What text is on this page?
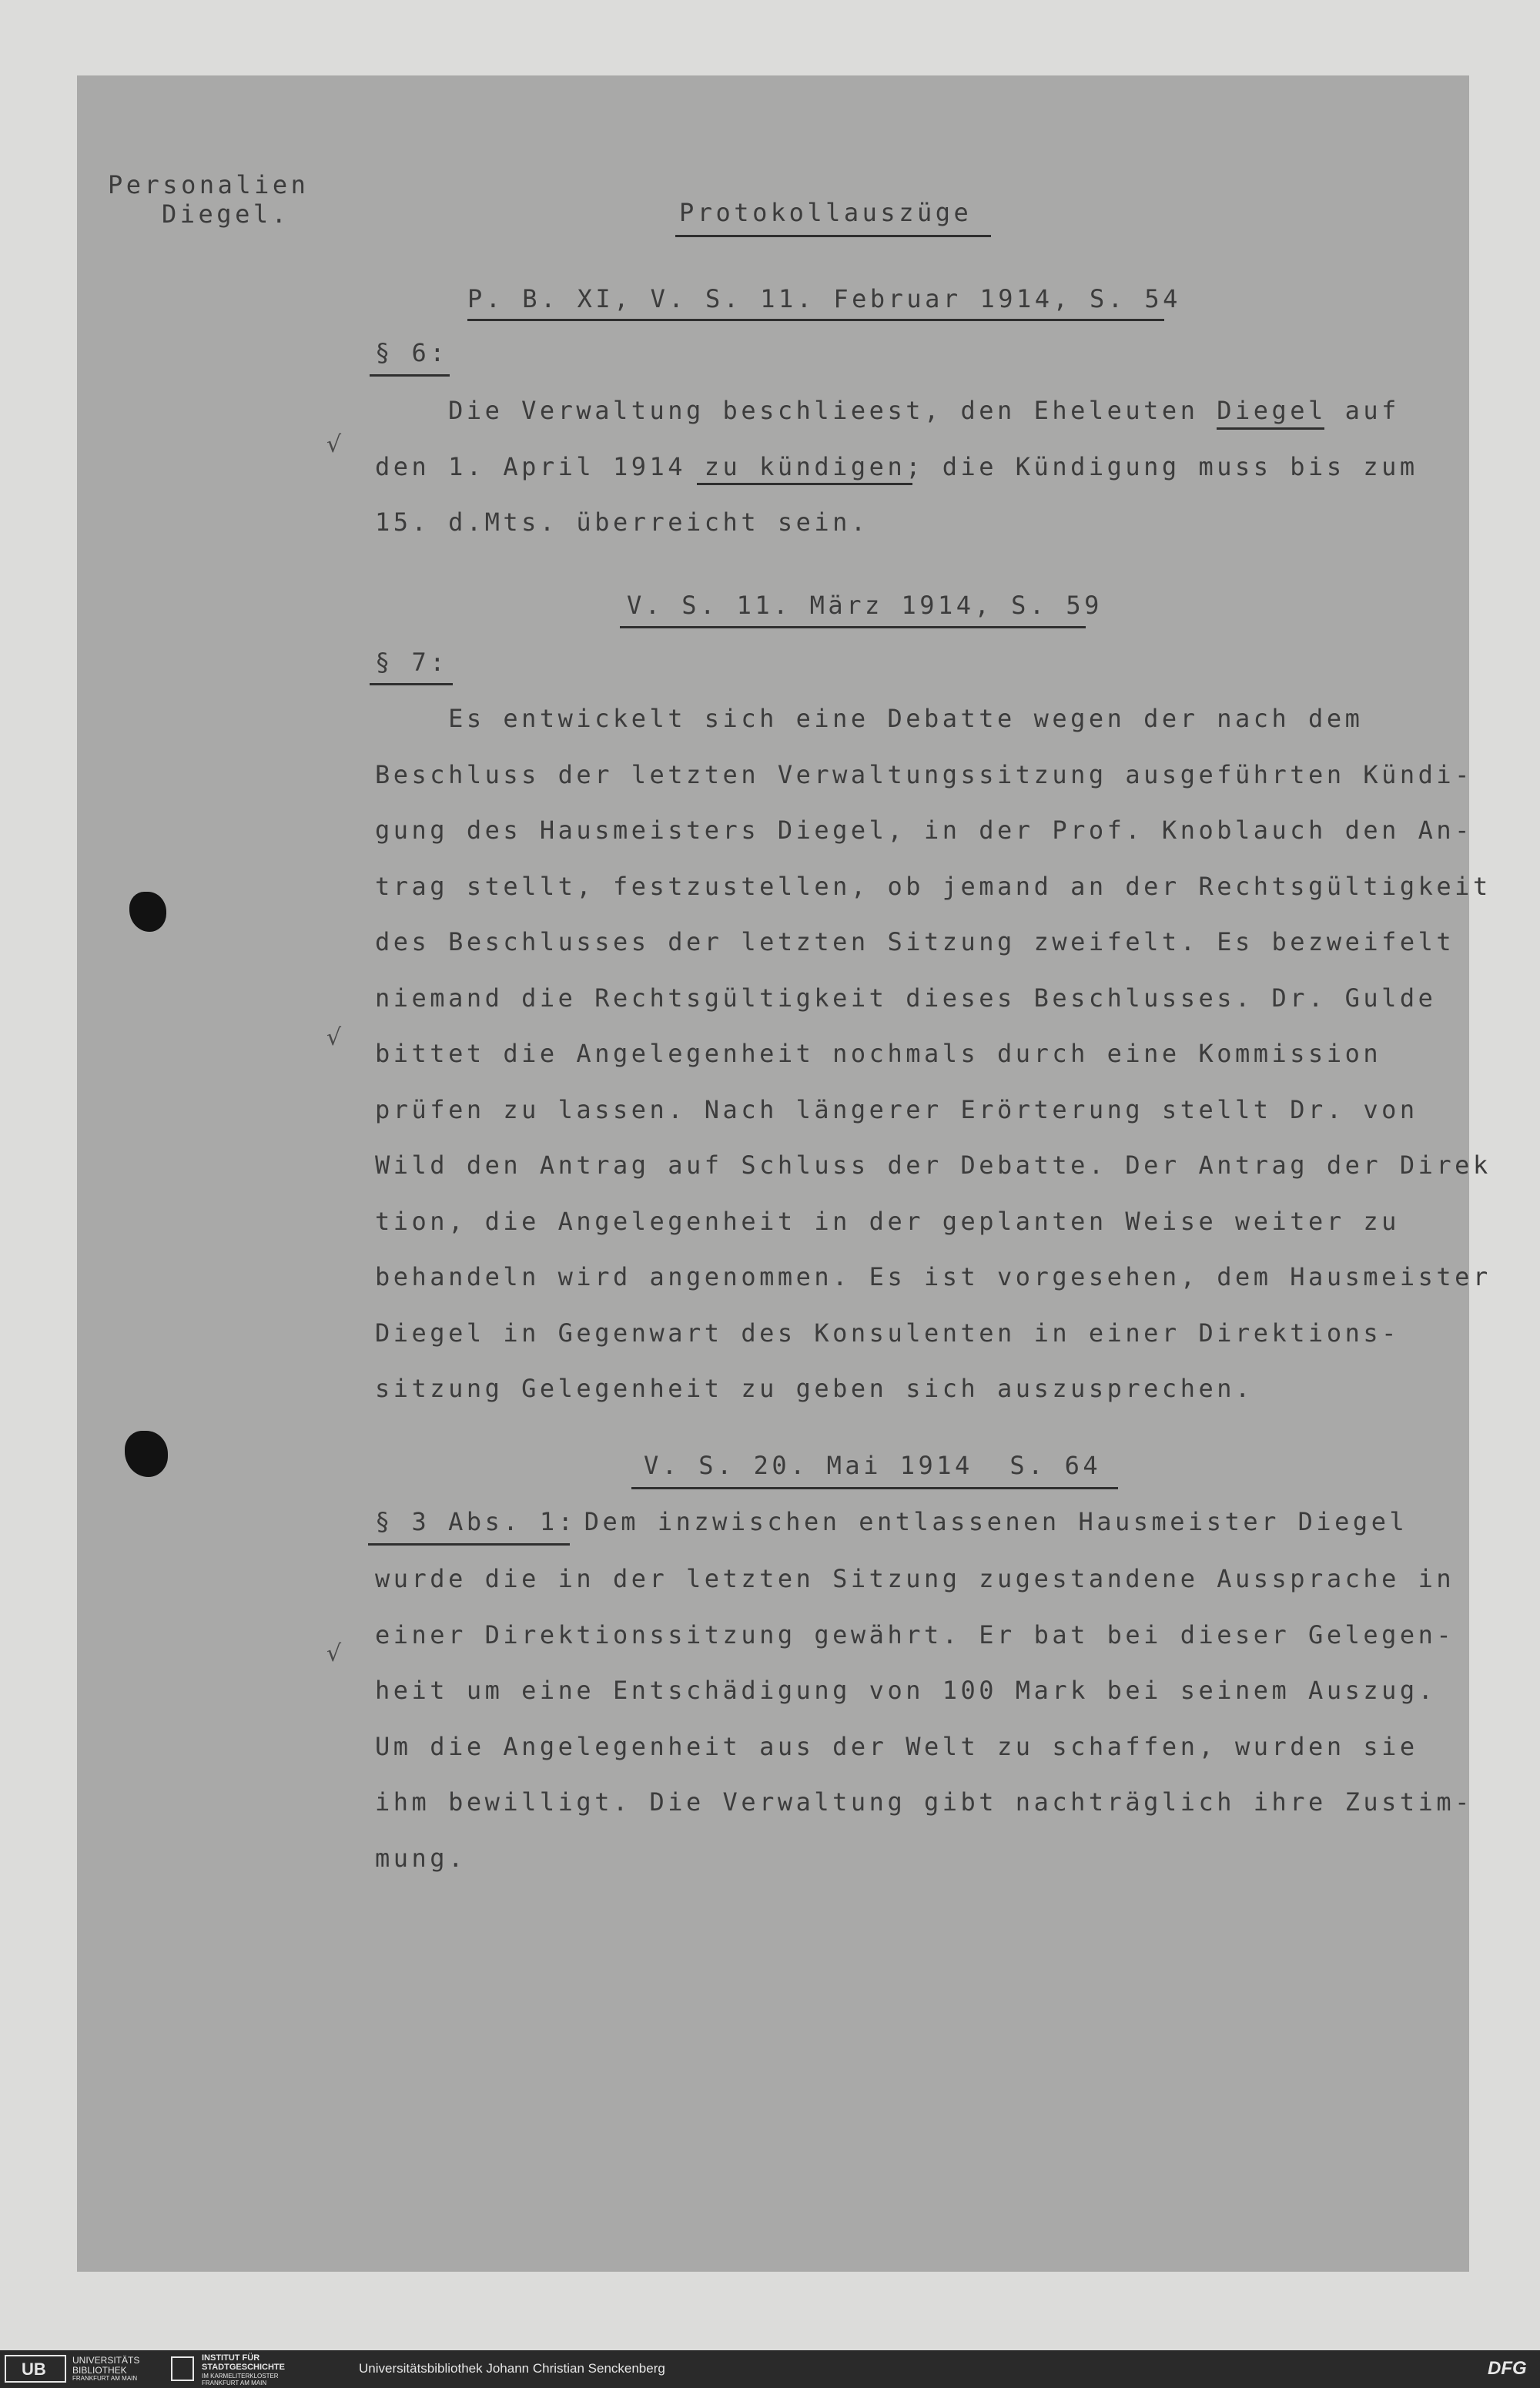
Personalien
Diegel.	Protokollauszüge
P. B. XI, V. S. 11. Februar 1914, S. 54
§ 6:
Die Verwaltung beschlieest, den Eheleuten Diegel auf
den 1. April 1914 zu kündigen; die Kündigung muss bis zum
15. d.Mts. überreicht sein.
√
V. S. 11. März 1914, S. 59
§ 7:
Es entwickelt sich eine Debatte wegen der nach dem
Beschluss der letzten Verwaltungssitzung ausgeführten Kündi-
gung des Hausmeisters Diegel, in der Prof. Knoblauch den An-
trag stellt, festzustellen, ob jemand an der Rechtsgültigkeit
des Beschlusses der letzten Sitzung zweifelt. Es bezweifelt
niemand die Rechtsgültigkeit dieses Beschlusses. Dr. Gulde
bittet die Angelegenheit nochmals durch eine Kommission
prüfen zu lassen. Nach längerer Erörterung stellt Dr. von
Wild den Antrag auf Schluss der Debatte. Der Antrag der Direk
tion, die Angelegenheit in der geplanten Weise weiter zu
behandeln wird angenommen. Es ist vorgesehen, dem Hausmeister
Diegel in Gegenwart des Konsulenten in einer Direktions-
sitzung Gelegenheit zu geben sich auszusprechen.
√
V. S. 20. Mai 1914  S. 64
§ 3 Abs. 1:
Dem inzwischen entlassenen Hausmeister Diegel
wurde die in der letzten Sitzung zugestandene Aussprache in
einer Direktionssitzung gewährt. Er bat bei dieser Gelegen-
heit um eine Entschädigung von 100 Mark bei seinem Auszug.
Um die Angelegenheit aus der Welt zu schaffen, wurden sie
ihm bewilligt. Die Verwaltung gibt nachträglich ihre Zustim-
mung.
√
UB	UNIVERSITÄTS
BIBLIOTHEK
FRANKFURT AM MAIN
INSTITUT FÜR
STADTGESCHICHTE
IM KARMELITERKLOSTER
FRANKFURT AM MAIN
Universitätsbibliothek Johann Christian Senckenberg	DFG
